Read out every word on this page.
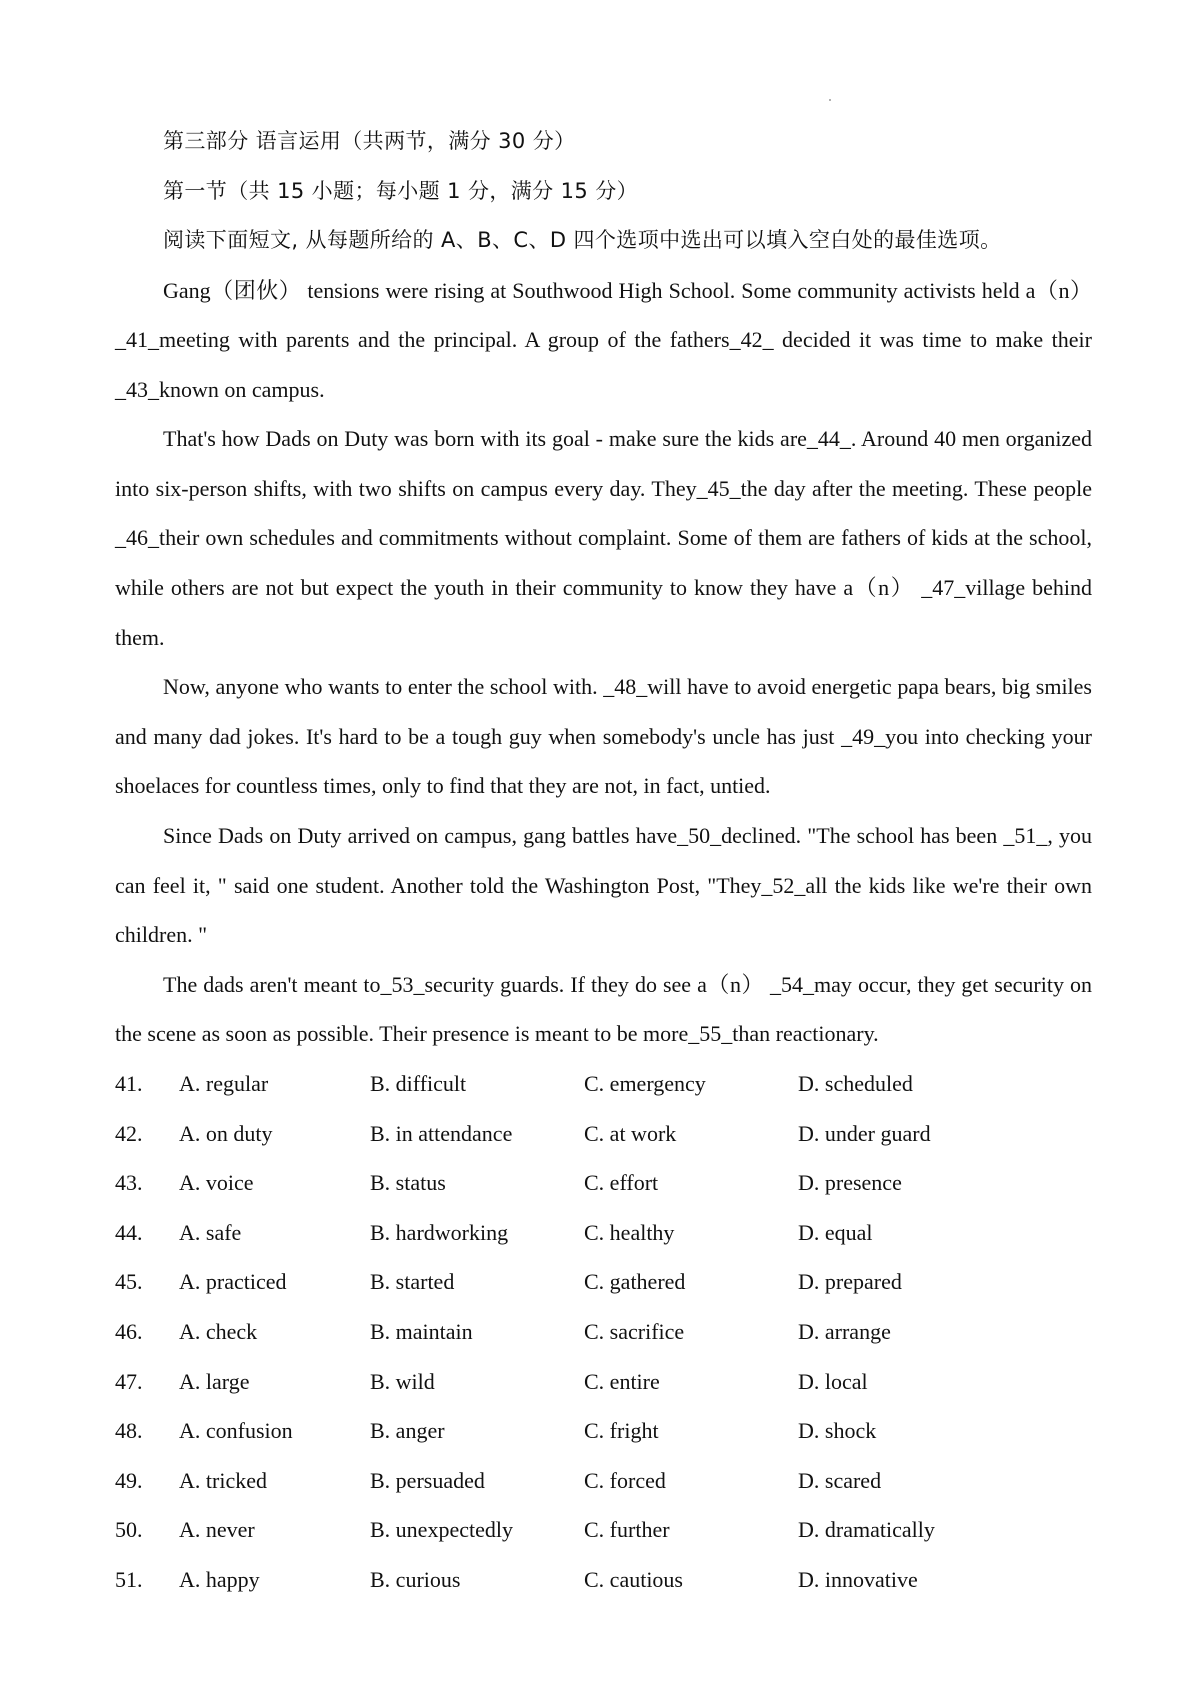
第三部分 语言运用（共两节，满分 30 分）
第一节（共 15 小题；每小题 1 分，满分 15 分）
阅读下面短文, 从每题所给的 A、B、C、D 四个选项中选出可以填入空白处的最佳选项。

Gang（团伙） tensions were rising at Southwood High School. Some community activists held a（n） _41_meeting with parents and the principal. A group of the fathers_42_ decided it was time to make their _43_known on campus.

That's how Dads on Duty was born with its goal - make sure the kids are_44_. Around 40 men organized into six-person shifts, with two shifts on campus every day. They_45_the day after the meeting. These people _46_their own schedules and commitments without complaint. Some of them are fathers of kids at the school, while others are not but expect the youth in their community to know they have a（n） _47_village behind them.

Now, anyone who wants to enter the school with. _48_will have to avoid energetic papa bears, big smiles and many dad jokes. It's hard to be a tough guy when somebody's uncle has just _49_you into checking your shoelaces for countless times, only to find that they are not, in fact, untied.

Since Dads on Duty arrived on campus, gang battles have_50_declined. "The school has been _51_, you can feel it, " said one student. Another told the Washington Post, "They_52_all the kids like we're their own children. "

The dads aren't meant to_53_security guards. If they do see a（n） _54_may occur, they get security on the scene as soon as possible. Their presence is meant to be more_55_than reactionary.

41. A. regular	B. difficult	C. emergency	D. scheduled
42. A. on duty	B. in attendance	C. at work	D. under guard
43. A. voice	B. status	C. effort	D. presence
44. A. safe	B. hardworking	C. healthy	D. equal
45. A. practiced	B. started	C. gathered	D. prepared
46. A. check	B. maintain	C. sacrifice	D. arrange
47. A. large	B. wild	C. entire	D. local
48. A. confusion	B. anger	C. fright	D. shock
49. A. tricked	B. persuaded	C. forced	D. scared
50. A. never	B. unexpectedly	C. further	D. dramatically
51. A. happy	B. curious	C. cautious	D. innovative
